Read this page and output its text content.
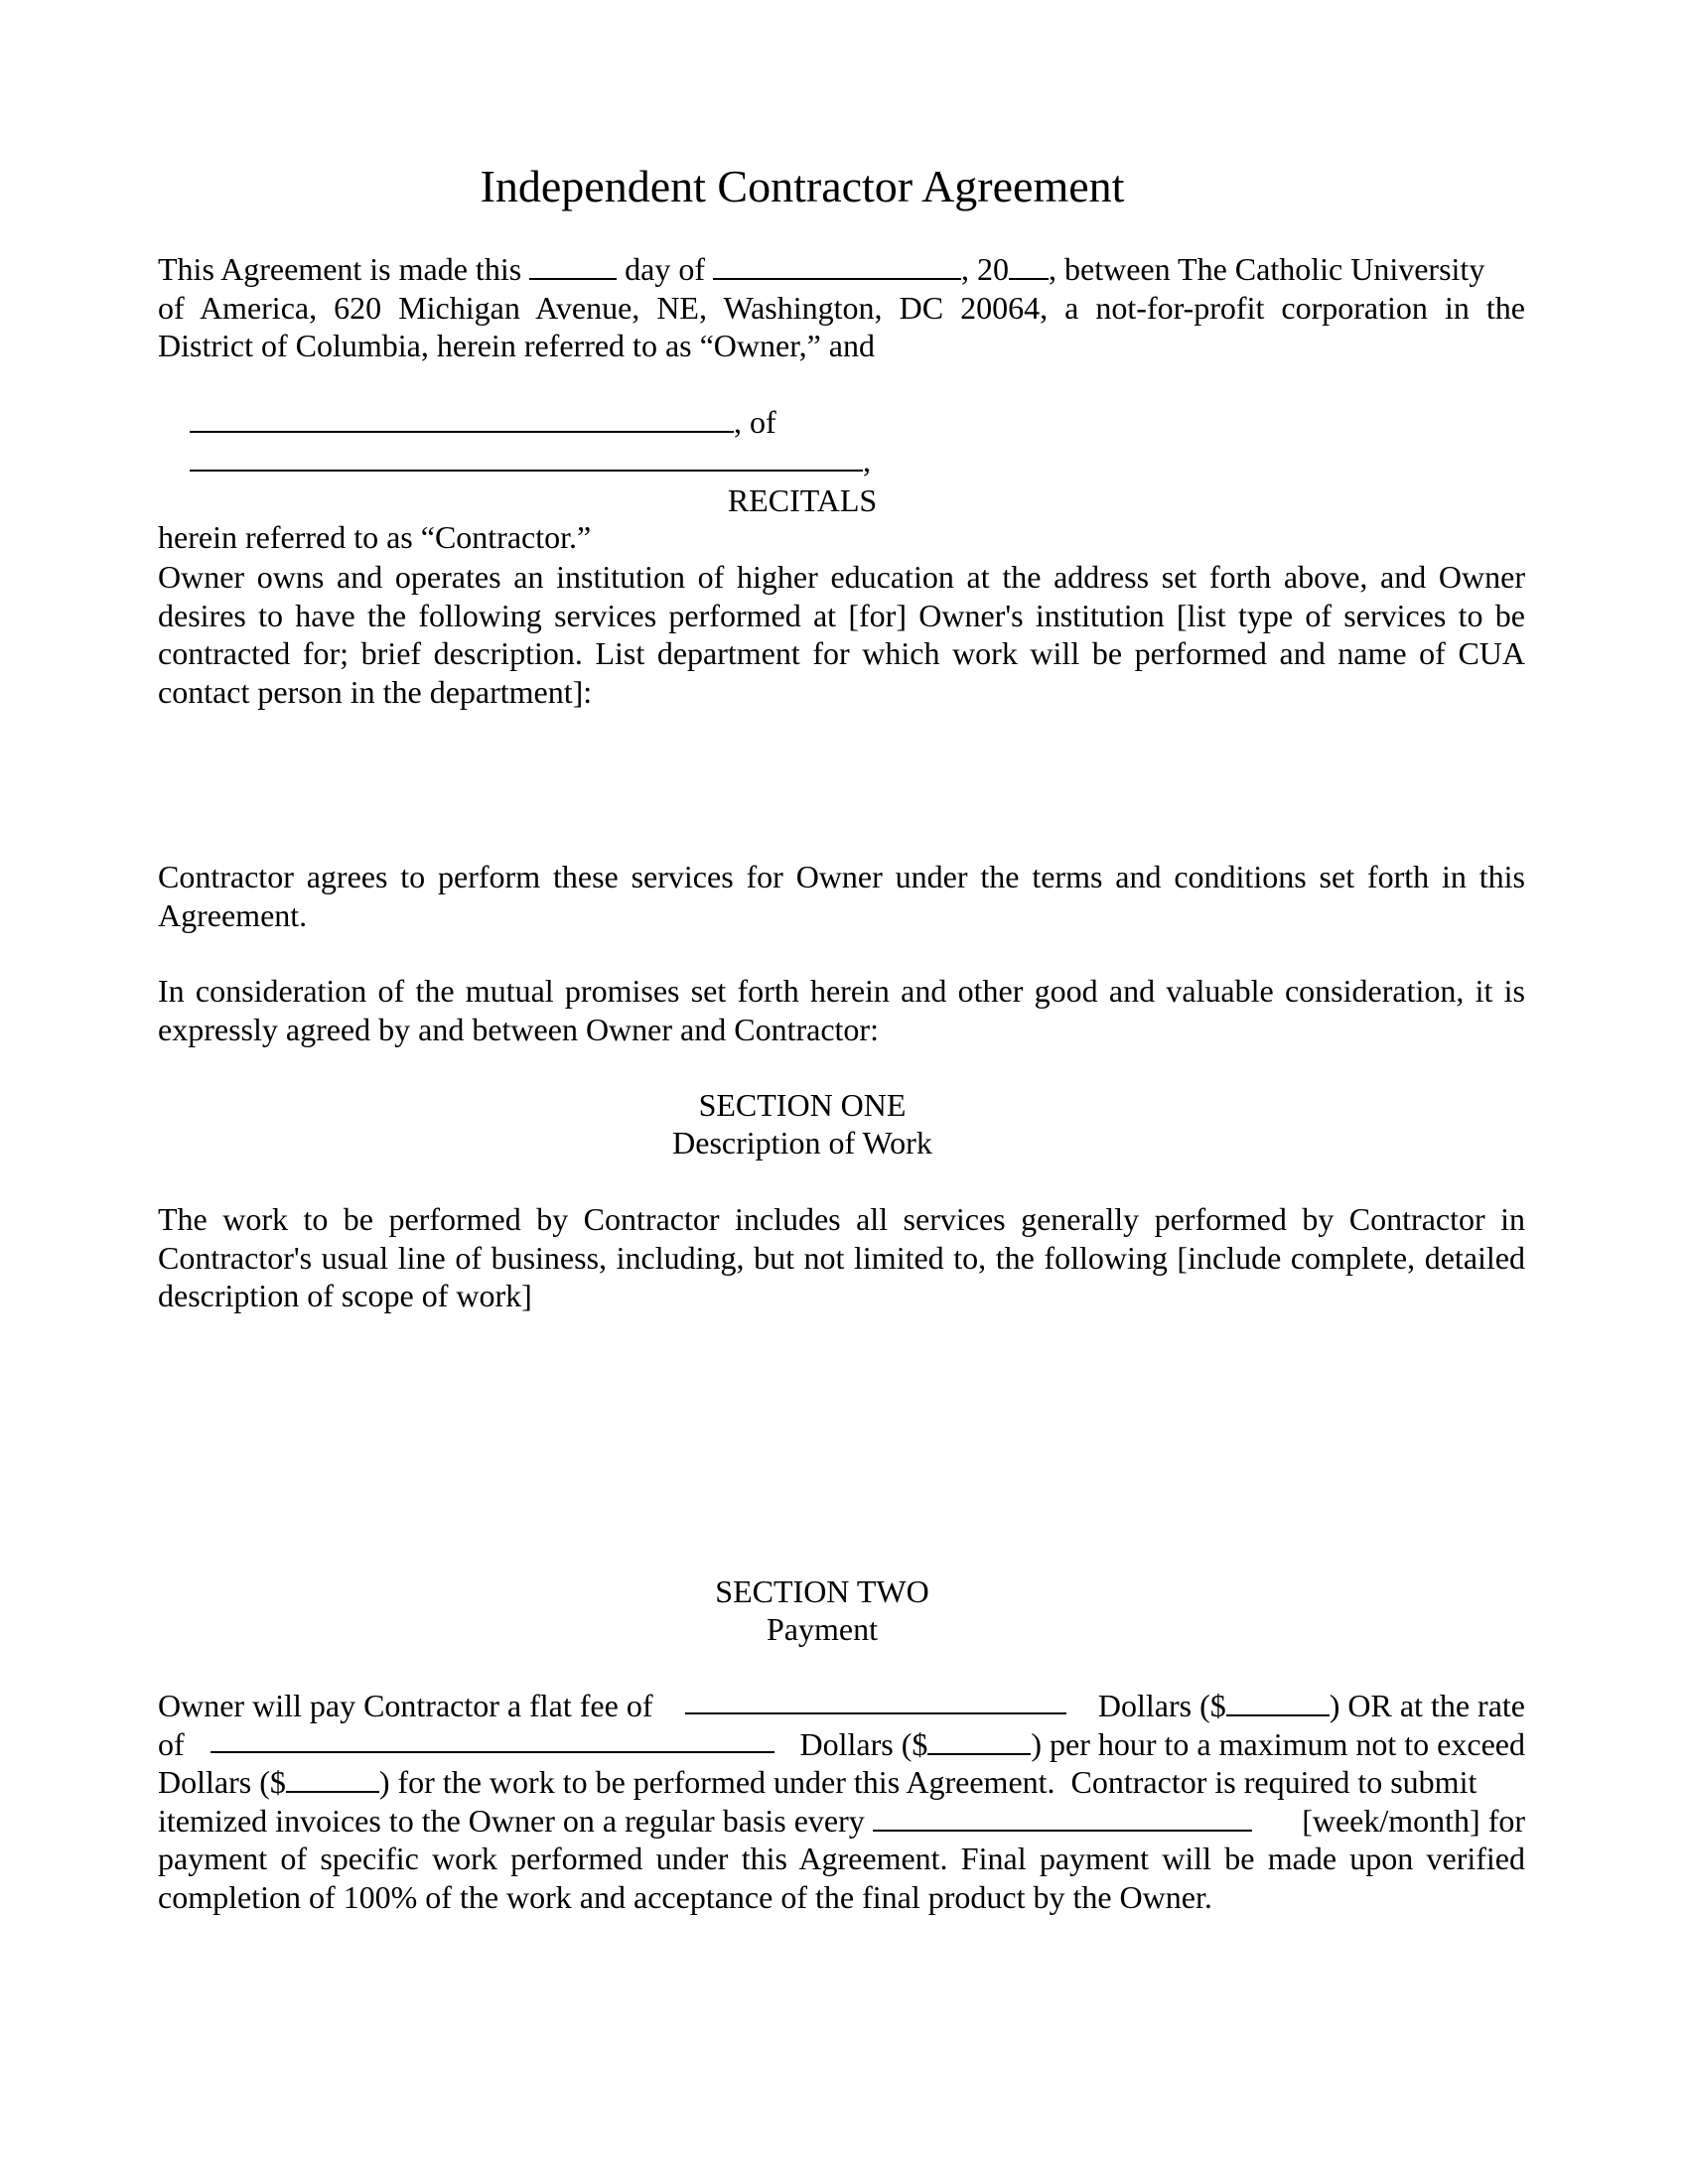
Independent Contractor Agreement
This Agreement is made this	day of	, 20 , between The Catholic University

of America, 620 Michigan Avenue, NE, Washington, DC 20064, a not-for-profit corporation in the

District of Columbia, herein referred to as “Owner,” and

, of
,

herein referred to as “Contractor.”

RECITALS

Owner owns and operates an institution of higher education at the address set forth above, and Owner desires to have the following services performed at [for] Owner's institution [list type of services to be contracted for; brief description. List department for which work will be performed and name of CUA contact person in the department]:

Contractor agrees to perform these services for Owner under the terms and conditions set forth in this Agreement.

In consideration of the mutual promises set forth herein and other good and valuable consideration, it is expressly agreed by and between Owner and Contractor:

SECTION ONE
Description of Work

The work to be performed by Contractor includes all services generally performed by Contractor in Contractor's usual line of business, including, but not limited to, the following [include complete, detailed description of scope of work]

SECTION TWO
Payment
Owner will pay Contractor a flat fee of	Dollars ($	) OR at the rate
of	Dollars ($	) per hour to a maximum not to exceed
Dollars ($	) for the work to be performed under this Agreement.  Contractor is required to submit
itemized invoices to the Owner on a regular basis every	[week/month] for

payment of specific work performed under this Agreement. Final payment will be made upon verified

completion of 100% of the work and acceptance of the final product by the Owner.
